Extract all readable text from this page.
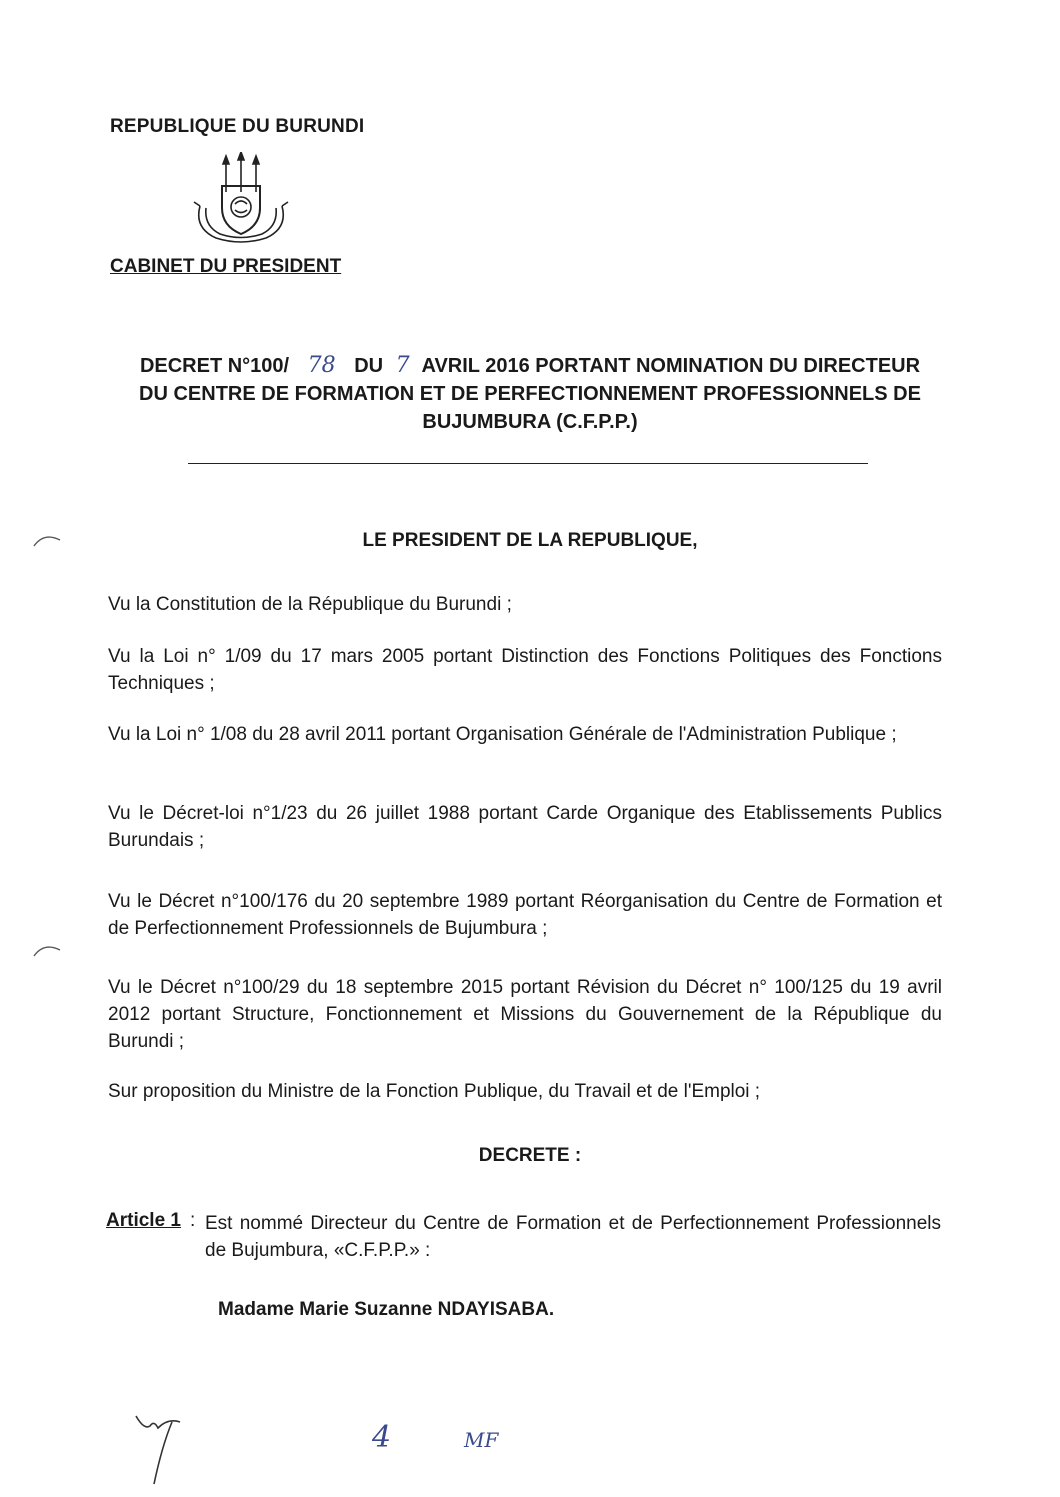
REPUBLIQUE DU BURUNDI
CABINET DU PRESIDENT
DECRET N°100/ 78 DU 7 AVRIL 2016 PORTANT NOMINATION DU DIRECTEUR
DU CENTRE DE FORMATION ET DE PERFECTIONNEMENT PROFESSIONNELS DE
BUJUMBURA (C.F.P.P.)
LE PRESIDENT DE LA REPUBLIQUE,
Vu la Constitution de la République du Burundi ;
Vu la Loi n° 1/09 du 17 mars 2005 portant Distinction des Fonctions Politiques des Fonctions Techniques ;
Vu la Loi n° 1/08 du 28 avril 2011 portant Organisation Générale de l'Administration Publique ;
Vu le Décret-loi n°1/23 du 26 juillet 1988 portant Carde Organique des Etablissements Publics Burundais ;
Vu le Décret n°100/176 du 20 septembre 1989 portant Réorganisation du Centre de Formation et de Perfectionnement Professionnels de Bujumbura ;
Vu le Décret n°100/29 du 18 septembre 2015 portant Révision du Décret n° 100/125 du 19 avril 2012 portant Structure, Fonctionnement et Missions du Gouvernement de la République du Burundi ;
Sur proposition du Ministre de la Fonction Publique, du Travail et de l'Emploi ;
DECRETE :
Article 1 : Est nommé Directeur du Centre de Formation et de Perfectionnement Professionnels de Bujumbura, «C.F.P.P.» :
Madame Marie Suzanne NDAYISABA.
4	MF
